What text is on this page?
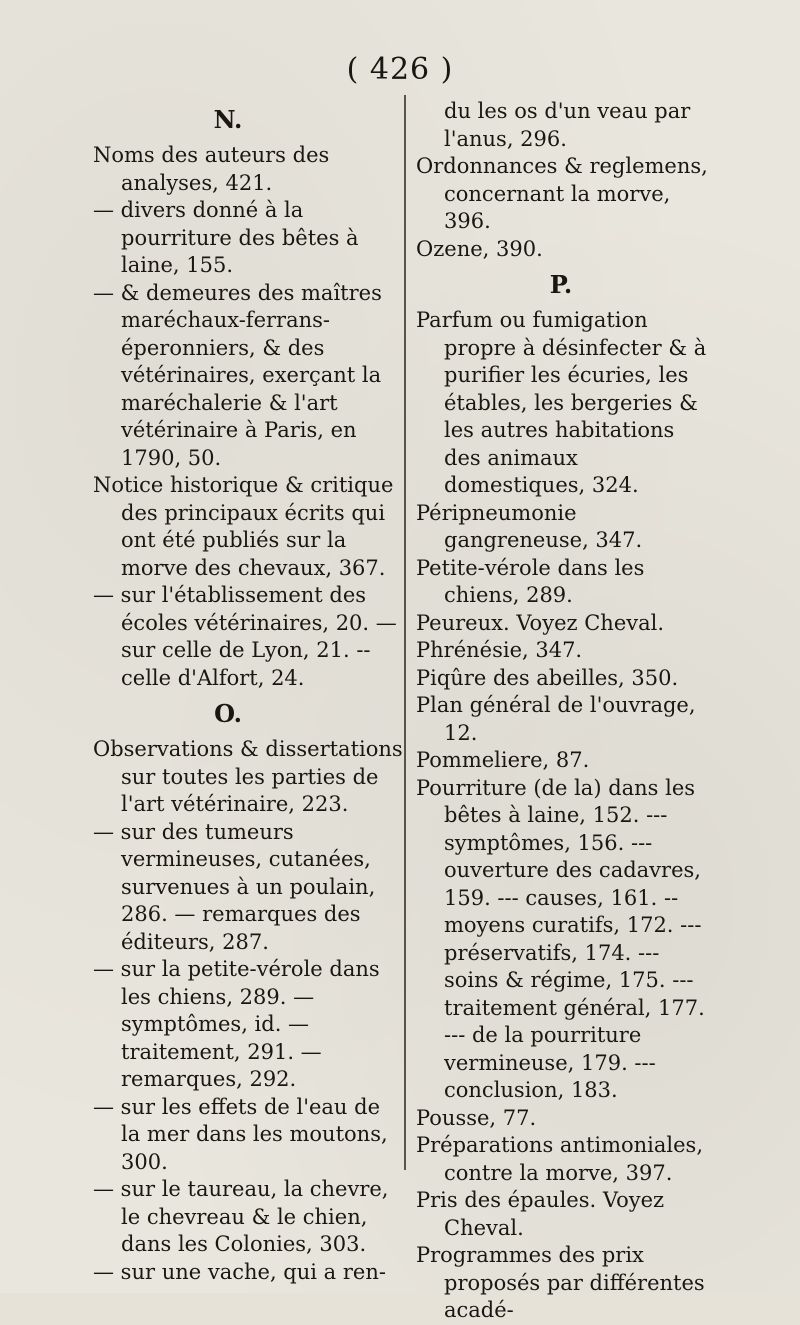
( 426 )
N.
Noms des auteurs des analyses, 421.
— divers donné à la pourriture des bêtes à laine, 155.
— & demeures des maîtres maréchaux-ferrans-éperonniers, & des vétérinaires, exerçant la maréchalerie & l'art vétérinaire à Paris, en 1790, 50.
Notice historique & critique des principaux écrits qui ont été publiés sur la morve des chevaux, 367.
— sur l'établissement des écoles vétérinaires, 20. — sur celle de Lyon, 21. -- celle d'Alfort, 24.
O.
Observations & dissertations sur toutes les parties de l'art vétérinaire, 223.
— sur des tumeurs vermineuses, cutanées, survenues à un poulain, 286. — remarques des éditeurs, 287.
— sur la petite-vérole dans les chiens, 289. — symptômes, id. — traitement, 291. — remarques, 292.
— sur les effets de l'eau de la mer dans les moutons, 300.
— sur le taureau, la chevre, le chevreau & le chien, dans les Colonies, 303.
— sur une vache, qui a ren-
du les os d'un veau par l'anus, 296.
Ordonnances & reglemens, concernant la morve, 396.
Ozene, 390.
P.
Parfum ou fumigation propre à désinfecter & à purifier les écuries, les étables, les bergeries & les autres habitations des animaux domestiques, 324.
Péripneumonie gangreneuse, 347.
Petite-vérole dans les chiens, 289.
Peureux. Voyez Cheval.
Phrénésie, 347.
Piqûre des abeilles, 350.
Plan général de l'ouvrage, 12.
Pommeliere, 87.
Pourriture (de la) dans les bêtes à laine, 152. --- symptômes, 156. --- ouverture des cadavres, 159. --- causes, 161. -- moyens curatifs, 172. --- préservatifs, 174. --- soins & régime, 175. --- traitement général, 177. --- de la pourriture vermineuse, 179. --- conclusion, 183.
Pousse, 77.
Préparations antimoniales, contre la morve, 397.
Pris des épaules. Voyez Cheval.
Programmes des prix proposés par différentes acadé-
